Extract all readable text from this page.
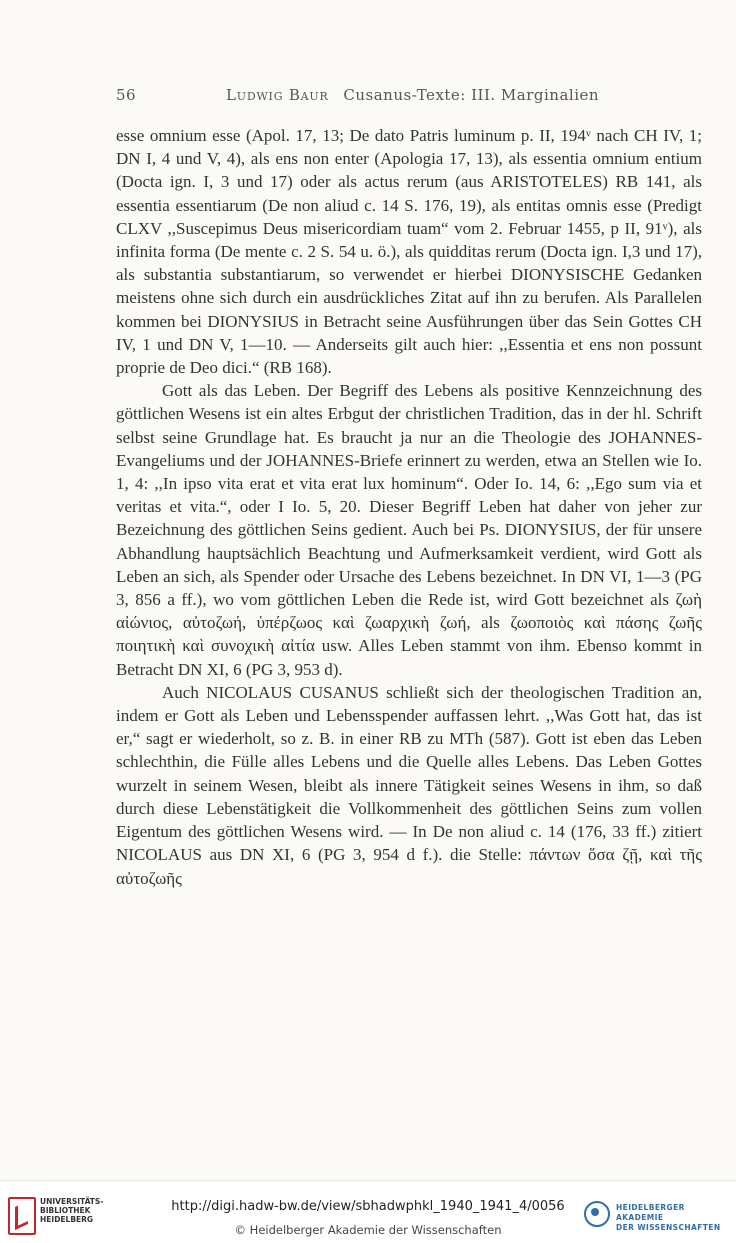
56	Ludwig Baur   Cusanus-Texte: III. Marginalien

esse omnium esse (Apol. 17, 13; De dato Patris luminum p. II, 194ᵛ nach CH IV, 1; DN I, 4 und V, 4), als ens non enter (Apologia 17, 13), als essentia omnium entium (Docta ign. I, 3 und 17) oder als actus rerum (aus ARISTOTELES) RB 141, als essentia essentiarum (De non aliud c. 14 S. 176, 19), als entitas omnis esse (Predigt CLXV ,,Suscepimus Deus misericordiam tuam“ vom 2. Februar 1455, p II, 91ᵛ), als infinita forma (De mente c. 2 S. 54 u. ö.), als quidditas rerum (Docta ign. I,3 und 17), als substantia substantiarum, so verwendet er hierbei DIONYSISCHE Gedanken meistens ohne sich durch ein ausdrückliches Zitat auf ihn zu berufen. Als Parallelen kommen bei DIONYSIUS in Betracht seine Ausführungen über das Sein Gottes CH IV, 1 und DN V, 1—10. — Anderseits gilt auch hier: ,,Essentia et ens non possunt proprie de Deo dici.“ (RB 168).

Gott als das Leben. Der Begriff des Lebens als positive Kennzeichnung des göttlichen Wesens ist ein altes Erbgut der christlichen Tradition, das in der hl. Schrift selbst seine Grundlage hat. Es braucht ja nur an die Theologie des JOHANNES-Evangeliums und der JOHANNES-Briefe erinnert zu werden, etwa an Stellen wie Io. 1, 4: ,,In ipso vita erat et vita erat lux hominum“. Oder Io. 14, 6: ,,Ego sum via et veritas et vita.“, oder I Io. 5, 20. Dieser Begriff Leben hat daher von jeher zur Bezeichnung des göttlichen Seins gedient. Auch bei Ps. DIONYSIUS, der für unsere Abhandlung hauptsächlich Beachtung und Aufmerksamkeit verdient, wird Gott als Leben an sich, als Spender oder Ursache des Lebens bezeichnet. In DN VI, 1—3 (PG 3, 856 a ff.), wo vom göttlichen Leben die Rede ist, wird Gott bezeichnet als ζωὴ αἰώνιος, αὐτοζωή, ὑπέρζωος καὶ ζωαρχικὴ ζωή, als ζωοποιὸς καὶ πάσης ζωῆς ποιητικὴ καὶ συνοχικὴ αἰτία usw. Alles Leben stammt von ihm. Ebenso kommt in Betracht DN XI, 6 (PG 3, 953 d).

Auch NICOLAUS CUSANUS schließt sich der theologischen Tradition an, indem er Gott als Leben und Lebensspender auffassen lehrt. ,,Was Gott hat, das ist er,“ sagt er wiederholt, so z. B. in einer RB zu MTh (587). Gott ist eben das Leben schlechthin, die Fülle alles Lebens und die Quelle alles Lebens. Das Leben Gottes wurzelt in seinem Wesen, bleibt als innere Tätigkeit seines Wesens in ihm, so daß durch diese Lebenstätigkeit die Vollkommenheit des göttlichen Seins zum vollen Eigentum des göttlichen Wesens wird. — In De non aliud c. 14 (176, 33 ff.) zitiert NICOLAUS aus DN XI, 6 (PG 3, 954 d f.). die Stelle: πάντων ὅσα ζῇ, καὶ τῆς αὐτοζωῆς

UNIVERSITÄTS-
BIBLIOTHEK
HEIDELBERG
http://digi.hadw-bw.de/view/sbhadwphkl_1940_1941_4/0056
© Heidelberger Akademie der Wissenschaften
HEIDELBERGER AKADEMIE
DER WISSENSCHAFTEN
